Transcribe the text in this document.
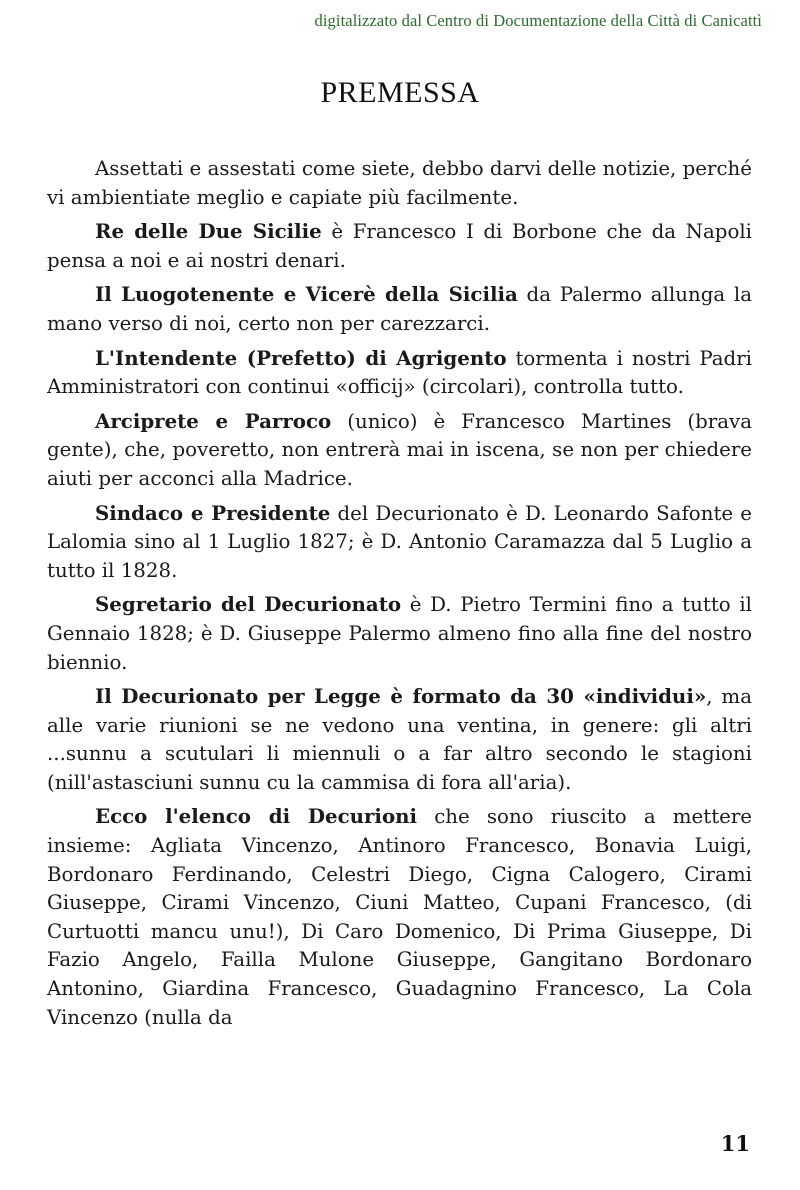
digitalizzato dal Centro di Documentazione della Città di Canicattì
PREMESSA

Assettati e assestati come siete, debbo darvi delle notizie, perché vi ambientiate meglio e capiate più facilmente.

Re delle Due Sicilie è Francesco I di Borbone che da Napoli pensa a noi e ai nostri denari.

Il Luogotenente e Vicerè della Sicilia da Palermo allunga la mano verso di noi, certo non per carezzarci.

L'Intendente (Prefetto) di Agrigento tormenta i nostri Padri Amministratori con continui «officij» (circolari), controlla tutto.

Arciprete e Parroco (unico) è Francesco Martines (brava gente), che, poveretto, non entrerà mai in iscena, se non per chiedere aiuti per acconci alla Madrice.

Sindaco e Presidente del Decurionato è D. Leonardo Safonte e Lalomia sino al 1 Luglio 1827; è D. Antonio Caramazza dal 5 Luglio a tutto il 1828.

Segretario del Decurionato è D. Pietro Termini fino a tutto il Gennaio 1828; è D. Giuseppe Palermo almeno fino alla fine del nostro biennio.

Il Decurionato per Legge è formato da 30 «individui», ma alle varie riunioni se ne vedono una ventina, in genere: gli altri ...sunnu a scutulari li miennuli o a far altro secondo le stagioni (nill'astasciuni sunnu cu la cammisa di fora all'aria).

Ecco l'elenco di Decurioni che sono riuscito a mettere insieme: Agliata Vincenzo, Antinoro Francesco, Bonavia Luigi, Bordonaro Ferdinando, Celestri Diego, Cigna Calogero, Cirami Giuseppe, Cirami Vincenzo, Ciuni Matteo, Cupani Francesco, (di Curtuotti mancu unu!), Di Caro Domenico, Di Prima Giuseppe, Di Fazio Angelo, Failla Mulone Giuseppe, Gangitano Bordonaro Antonino, Giardina Francesco, Guadagnino Francesco, La Cola Vincenzo (nulla da

11
